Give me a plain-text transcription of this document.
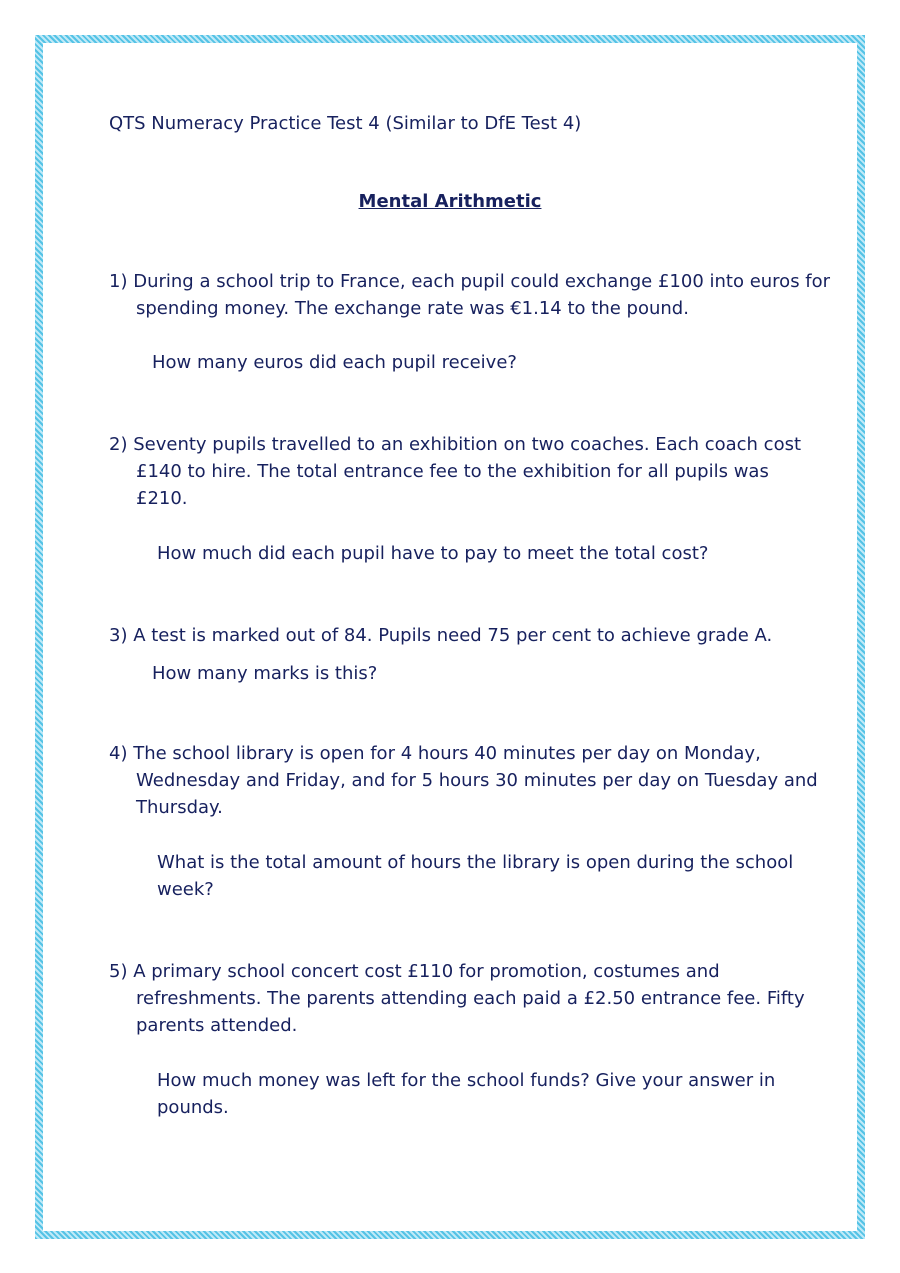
QTS Numeracy Practice Test 4 (Similar to DfE Test 4)
Mental Arithmetic
1) During a school trip to France, each pupil could exchange £100 into euros for
spending money. The exchange rate was €1.14 to the pound.
How many euros did each pupil receive?
2) Seventy pupils travelled to an exhibition on two coaches. Each coach cost
£140 to hire. The total entrance fee to the exhibition for all pupils was
£210.
How much did each pupil have to pay to meet the total cost?
3) A test is marked out of 84. Pupils need 75 per cent to achieve grade A.
How many marks is this?
4) The school library is open for 4 hours 40 minutes per day on Monday,
Wednesday and Friday, and for 5 hours 30 minutes per day on Tuesday and
Thursday.
What is the total amount of hours the library is open during the school
week?
5) A primary school concert cost £110 for promotion, costumes and
refreshments. The parents attending each paid a £2.50 entrance fee. Fifty
parents attended.
How much money was left for the school funds? Give your answer in
pounds.
